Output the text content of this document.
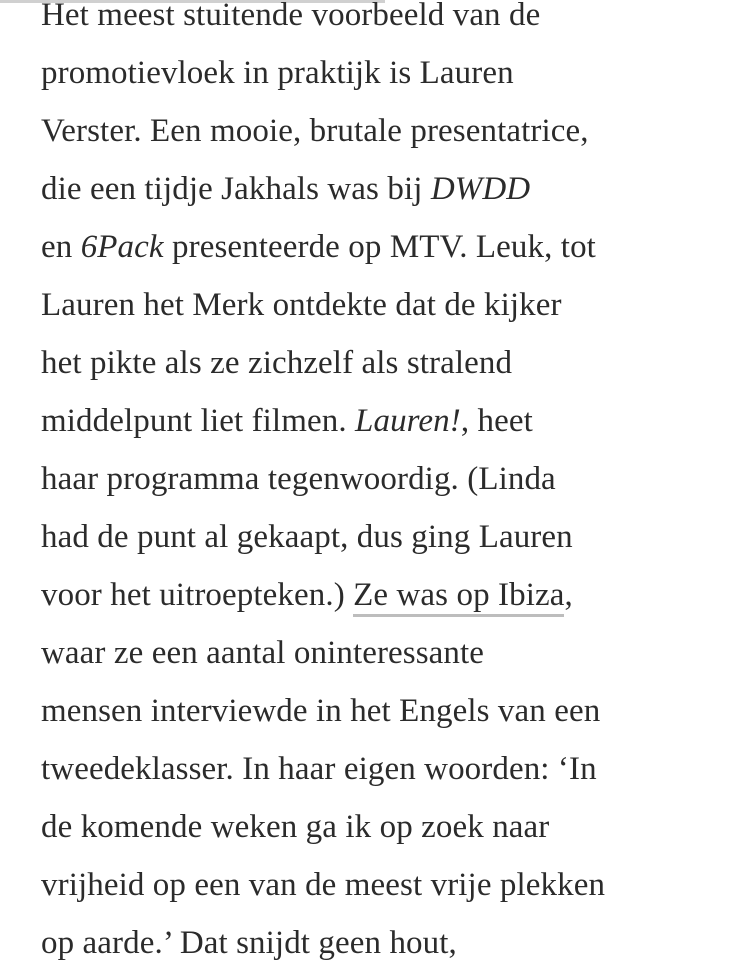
Het meest stuitende voorbeeld van de
promotievloek in praktijk is Lauren
Verster. Een mooie, brutale presentatrice,
die een tijdje Jakhals was bij DWDD
en 6Pack presenteerde op MTV. Leuk, tot
Lauren het Merk ontdekte dat de kijker
het pikte als ze zichzelf als stralend
middelpunt liet filmen. Lauren!, heet
haar programma tegenwoordig. (Linda
had de punt al gekaapt, dus ging Lauren
voor het uitroepteken.) Ze was op Ibiza,
waar ze een aantal oninteressante
mensen interviewde in het Engels van een
tweedeklasser. In haar eigen woorden: ‘In
de komende weken ga ik op zoek naar
vrijheid op een van de meest vrije plekken
op aarde.’ Dat snijdt geen hout,
